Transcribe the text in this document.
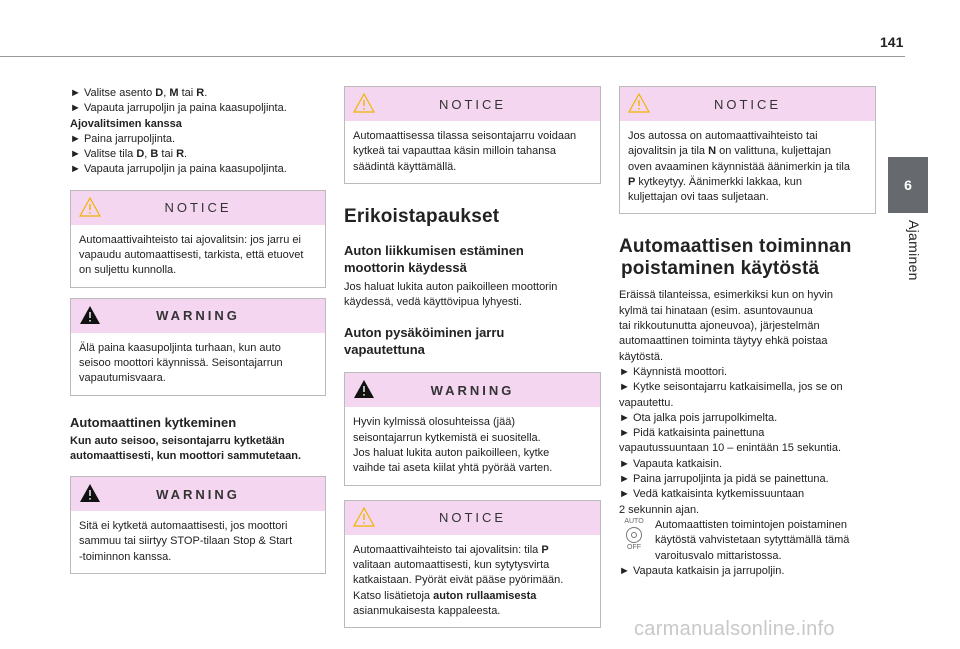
141
6
Ajaminen
► Valitse asento D, M tai R.
► Vapauta jarrupoljin ja paina kaasupoljinta.
Ajovalitsimen kanssa
► Paina jarrupoljinta.
► Valitse tila D, B tai R.
► Vapauta jarrupoljin ja paina kaasupoljinta.
NOTICE
Automaattivaihteisto tai ajovalitsin: jos jarru ei
vapaudu automaattisesti, tarkista, että etuovet
on suljettu kunnolla.
WARNING
Älä paina kaasupoljinta turhaan, kun auto
seisoo moottori käynnissä. Seisontajarrun
vapautumisvaara.
Automaattinen kytkeminen
Kun auto seisoo, seisontajarru kytketään
automaattisesti, kun moottori sammutetaan.
WARNING
Sitä ei kytketä automaattisesti, jos moottori
sammuu tai siirtyy STOP-tilaan Stop & Start
-toiminnon kanssa.
NOTICE
Automaattisessa tilassa seisontajarru voidaan
kytkeä tai vapauttaa käsin milloin tahansa
säädintä käyttämällä.
Erikoistapaukset
Auton liikkumisen estäminen
moottorin käydessä
Jos haluat lukita auton paikoilleen moottorin
käydessä, vedä käyttövipua lyhyesti.
Auton pysäköiminen jarru
vapautettuna
WARNING
Hyvin kylmissä olosuhteissa (jää)
seisontajarrun kytkemistä ei suositella.
Jos haluat lukita auton paikoilleen, kytke
vaihde tai aseta kiilat yhtä pyörää varten.
NOTICE
Automaattivaihteisto tai ajovalitsin: tila P
valitaan automaattisesti, kun sytytysvirta
katkaistaan. Pyörät eivät pääse pyörimään.
Katso lisätietoja auton rullaamisesta
asianmukaisesta kappaleesta.
NOTICE
Jos autossa on automaattivaihteisto tai
ajovalitsin ja tila N on valittuna, kuljettajan
oven avaaminen käynnistää äänimerkin ja tila
P kytkeytyy. Äänimerkki lakkaa, kun
kuljettajan ovi taas suljetaan.
Automaattisen toiminnan
poistaminen käytöstä
Eräissä tilanteissa, esimerkiksi kun on hyvin
kylmä tai hinataan (esim. asuntovaunua
tai rikkoutunutta ajoneuvoa), järjestelmän
automaattinen toiminta täytyy ehkä poistaa
käytöstä.
► Käynnistä moottori.
► Kytke seisontajarru katkaisimella, jos se on
vapautettu.
► Ota jalka pois jarrupolkimelta.
► Pidä katkaisinta painettuna
vapautussuuntaan 10 – enintään 15 sekuntia.
► Vapauta katkaisin.
► Paina jarrupoljinta ja pidä se painettuna.
► Vedä katkaisinta kytkemissuuntaan
2 sekunnin ajan.
AUTO
OFF
Automaattisten toimintojen poistaminen
käytöstä vahvistetaan sytyttämällä tämä
varoitusvalo mittaristossa.
► Vapauta katkaisin ja jarrupoljin.
carmanualsonline.info
